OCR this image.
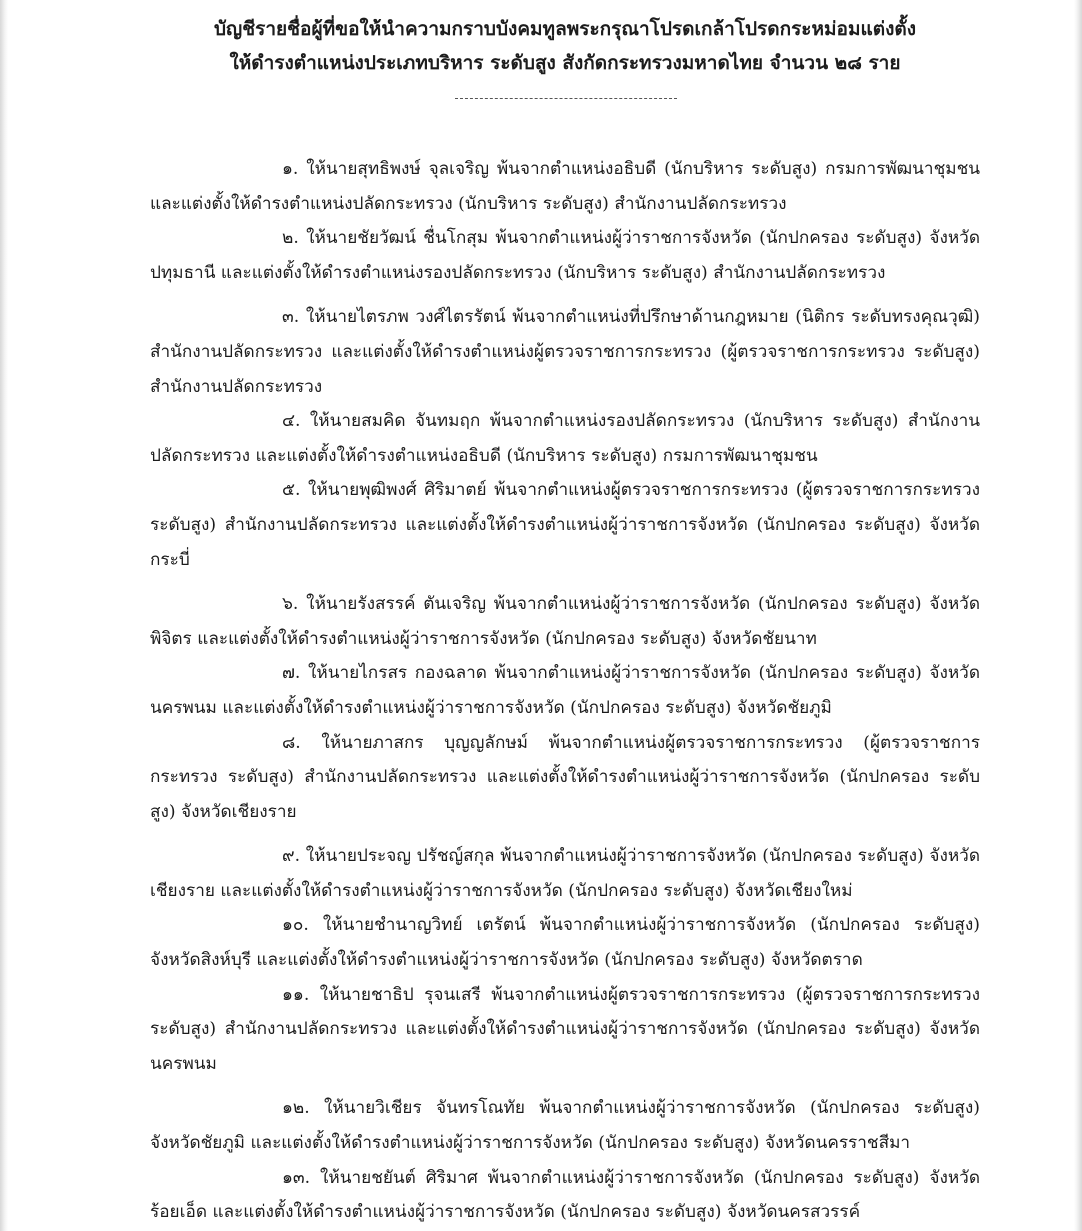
บัญชีรายชื่อผู้ที่ขอให้นำความกราบบังคมทูลพระกรุณาโปรดเกล้าโปรดกระหม่อมแต่งตั้ง
ให้ดำรงตำแหน่งประเภทบริหาร ระดับสูง สังกัดกระทรวงมหาดไทย จำนวน ๒๘ ราย

๑. ให้นายสุทธิพงษ์ จุลเจริญ พ้นจากตำแหน่งอธิบดี (นักบริหาร ระดับสูง) กรมการพัฒนาชุมชน และแต่งตั้งให้ดำรงตำแหน่งปลัดกระทรวง (นักบริหาร ระดับสูง) สำนักงานปลัดกระทรวง

๒. ให้นายชัยวัฒน์ ชื่นโกสุม พ้นจากตำแหน่งผู้ว่าราชการจังหวัด (นักปกครอง ระดับสูง) จังหวัดปทุมธานี และแต่งตั้งให้ดำรงตำแหน่งรองปลัดกระทรวง (นักบริหาร ระดับสูง) สำนักงานปลัดกระทรวง

๓. ให้นายไตรภพ วงศ์ไตรรัตน์ พ้นจากตำแหน่งที่ปรึกษาด้านกฎหมาย (นิติกร ระดับทรงคุณวุฒิ) สำนักงานปลัดกระทรวง และแต่งตั้งให้ดำรงตำแหน่งผู้ตรวจราชการกระทรวง (ผู้ตรวจราชการกระทรวง ระดับสูง) สำนักงานปลัดกระทรวง

๔. ให้นายสมคิด จันทมฤก พ้นจากตำแหน่งรองปลัดกระทรวง (นักบริหาร ระดับสูง) สำนักงานปลัดกระทรวง และแต่งตั้งให้ดำรงตำแหน่งอธิบดี (นักบริหาร ระดับสูง) กรมการพัฒนาชุมชน

๕. ให้นายพุฒิพงศ์ ศิริมาตย์ พ้นจากตำแหน่งผู้ตรวจราชการกระทรวง (ผู้ตรวจราชการกระทรวง ระดับสูง) สำนักงานปลัดกระทรวง และแต่งตั้งให้ดำรงตำแหน่งผู้ว่าราชการจังหวัด (นักปกครอง ระดับสูง) จังหวัดกระบี่

๖. ให้นายรังสรรค์ ตันเจริญ พ้นจากตำแหน่งผู้ว่าราชการจังหวัด (นักปกครอง ระดับสูง) จังหวัดพิจิตร และแต่งตั้งให้ดำรงตำแหน่งผู้ว่าราชการจังหวัด (นักปกครอง ระดับสูง) จังหวัดชัยนาท

๗. ให้นายไกรสร กองฉลาด พ้นจากตำแหน่งผู้ว่าราชการจังหวัด (นักปกครอง ระดับสูง) จังหวัดนครพนม และแต่งตั้งให้ดำรงตำแหน่งผู้ว่าราชการจังหวัด (นักปกครอง ระดับสูง) จังหวัดชัยภูมิ

๘. ให้นายภาสกร บุญญลักษม์ พ้นจากตำแหน่งผู้ตรวจราชการกระทรวง (ผู้ตรวจราชการกระทรวง ระดับสูง) สำนักงานปลัดกระทรวง และแต่งตั้งให้ดำรงตำแหน่งผู้ว่าราชการจังหวัด (นักปกครอง ระดับสูง) จังหวัดเชียงราย

๙. ให้นายประจญ ปรัชญ์สกุล พ้นจากตำแหน่งผู้ว่าราชการจังหวัด (นักปกครอง ระดับสูง) จังหวัดเชียงราย และแต่งตั้งให้ดำรงตำแหน่งผู้ว่าราชการจังหวัด (นักปกครอง ระดับสูง) จังหวัดเชียงใหม่

๑๐. ให้นายชำนาญวิทย์ เตรัตน์ พ้นจากตำแหน่งผู้ว่าราชการจังหวัด (นักปกครอง ระดับสูง) จังหวัดสิงห์บุรี และแต่งตั้งให้ดำรงตำแหน่งผู้ว่าราชการจังหวัด (นักปกครอง ระดับสูง) จังหวัดตราด

๑๑. ให้นายชาธิป รุจนเสรี พ้นจากตำแหน่งผู้ตรวจราชการกระทรวง (ผู้ตรวจราชการกระทรวง ระดับสูง) สำนักงานปลัดกระทรวง และแต่งตั้งให้ดำรงตำแหน่งผู้ว่าราชการจังหวัด (นักปกครอง ระดับสูง) จังหวัดนครพนม

๑๒. ให้นายวิเชียร จันทรโณทัย พ้นจากตำแหน่งผู้ว่าราชการจังหวัด (นักปกครอง ระดับสูง) จังหวัดชัยภูมิ และแต่งตั้งให้ดำรงตำแหน่งผู้ว่าราชการจังหวัด (นักปกครอง ระดับสูง) จังหวัดนครราชสีมา

๑๓. ให้นายชยันต์ ศิริมาศ พ้นจากตำแหน่งผู้ว่าราชการจังหวัด (นักปกครอง ระดับสูง) จังหวัดร้อยเอ็ด และแต่งตั้งให้ดำรงตำแหน่งผู้ว่าราชการจังหวัด (นักปกครอง ระดับสูง) จังหวัดนครสวรรค์
